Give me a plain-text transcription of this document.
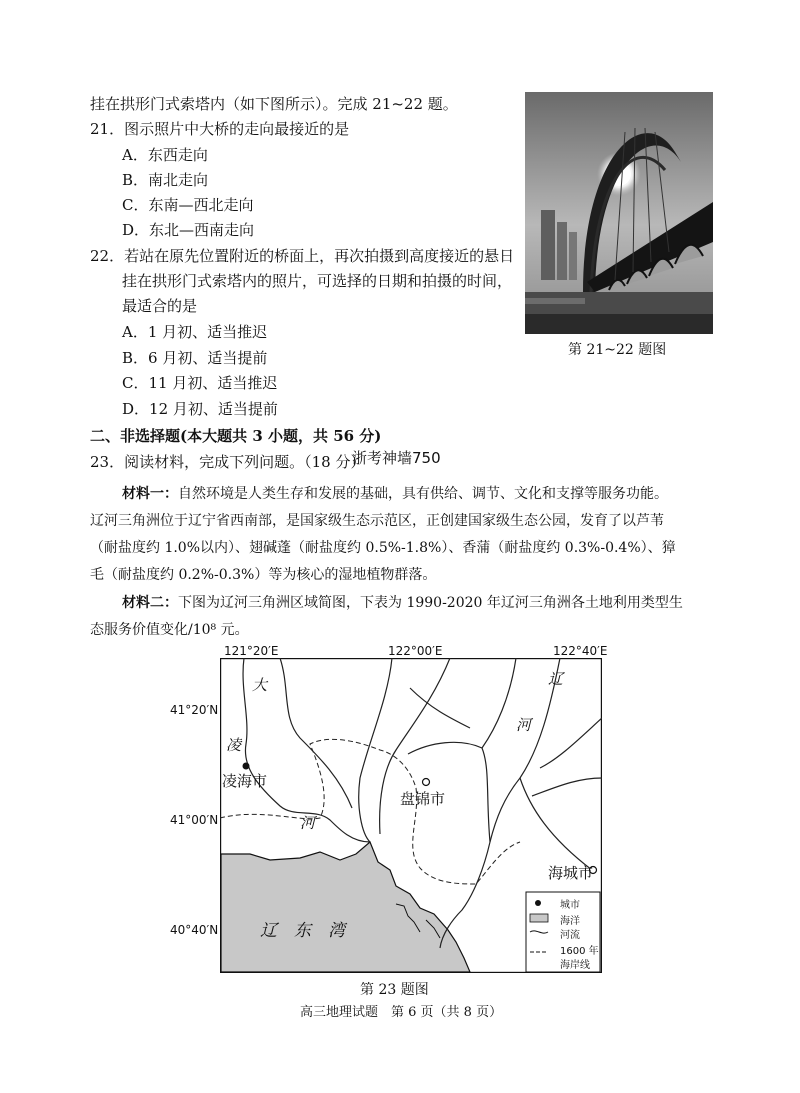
挂在拱形门式索塔内（如下图所示）。完成 21~22 题。
21．图示照片中大桥的走向最接近的是
A．东西走向
B．南北走向
C．东南—西北走向
D．东北—西南走向
22．若站在原先位置附近的桥面上，再次拍摄到高度接近的悬日
挂在拱形门式索塔内的照片，可选择的日期和拍摄的时间，
最适合的是
A．1 月初、适当推迟
B．6 月初、适当提前
C．11 月初、适当推迟
D．12 月初、适当提前
第 21~22 题图
二、非选择题(本大题共 3 小题，共 56 分)
23．阅读材料，完成下列问题。（18 分）
浙考神墙750
材料一：自然环境是人类生存和发展的基础，具有供给、调节、文化和支撑等服务功能。
辽河三角洲位于辽宁省西南部，是国家级生态示范区，正创建国家级生态公园，发育了以芦苇
（耐盐度约 1.0%以内）、翅碱蓬（耐盐度约 0.5%-1.8%）、香蒲（耐盐度约 0.3%-0.4%）、獐
毛（耐盐度约 0.2%-0.3%）等为核心的湿地植物群落。
材料二：下图为辽河三角洲区域简图，下表为 1990-2020 年辽河三角洲各土地利用类型生
态服务价值变化/10⁸ 元。
121°20′E	122°00′E	122°40′E
41°20′N
41°00′N
40°40′N
凌海市
盘锦市
海城市
大
凌
河
辽
河
辽　东　湾
城市
海洋
河流
1600 年
海岸线
第 23 题图
高三地理试题　第 6 页（共 8 页）
